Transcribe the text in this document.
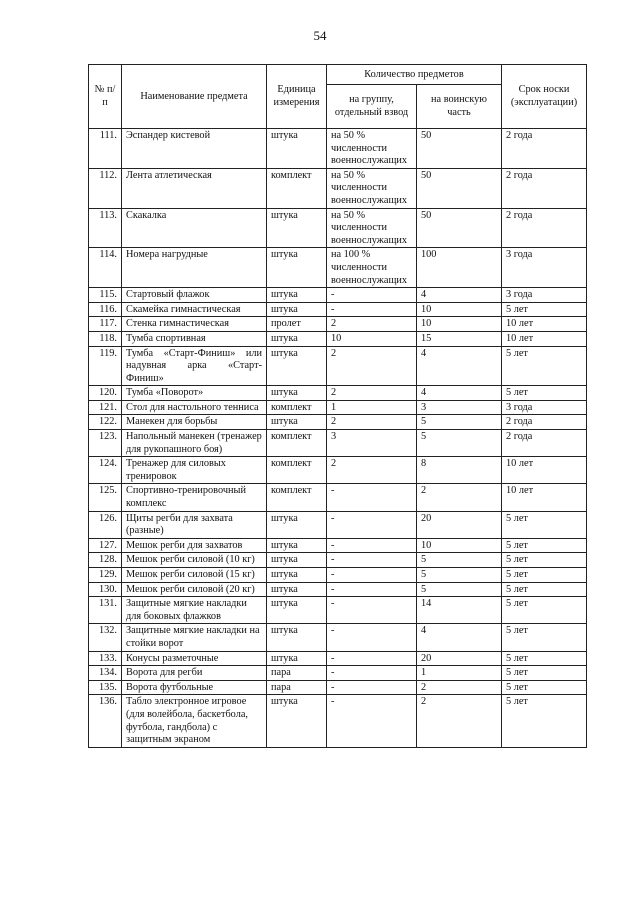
54
№ п/п	Наименование предмета	Единица измерения	Количество предметов		Срок носки (эксплуатации)
			на группу, отдельный взвод	на воинскую часть	
111.	Эспандер кистевой	штука	на 50 % численности военнослужащих	50	2 года
112.	Лента атлетическая	комплект	на 50 % численности военнослужащих	50	2 года
113.	Скакалка	штука	на 50 % численности военнослужащих	50	2 года
114.	Номера нагрудные	штука	на 100 % численности военнослужащих	100	3 года
115.	Стартовый флажок	штука	-	4	3 года
116.	Скамейка гимнастическая	штука	-	10	5 лет
117.	Стенка гимнастическая	пролет	2	10	10 лет
118.	Тумба спортивная	штука	10	15	10 лет
119.	Тумба «Старт-Финиш» или надувная арка «Старт-Финиш»	штука	2	4	5 лет
120.	Тумба «Поворот»	штука	2	4	5 лет
121.	Стол для настольного тенниса	комплект	1	3	3 года
122.	Манекен для борьбы	штука	2	5	2 года
123.	Напольный манекен (тренажер для рукопашного боя)	комплект	3	5	2 года
124.	Тренажер для силовых тренировок	комплект	2	8	10 лет
125.	Спортивно-тренировочный комплекс	комплект	-	2	10 лет
126.	Щиты регби для захвата (разные)	штука	-	20	5 лет
127.	Мешок регби для захватов	штука	-	10	5 лет
128.	Мешок регби силовой (10 кг)	штука	-	5	5 лет
129.	Мешок регби силовой (15 кг)	штука	-	5	5 лет
130.	Мешок регби силовой (20 кг)	штука	-	5	5 лет
131.	Защитные мягкие накладки для боковых флажков	штука	-	14	5 лет
132.	Защитные мягкие накладки на стойки ворот	штука	-	4	5 лет
133.	Конусы разметочные	штука	-	20	5 лет
134.	Ворота для регби	пара	-	1	5 лет
135.	Ворота футбольные	пара	-	2	5 лет
136.	Табло электронное игровое (для волейбола, баскетбола, футбола, гандбола) с защитным экраном	штука	-	2	5 лет
